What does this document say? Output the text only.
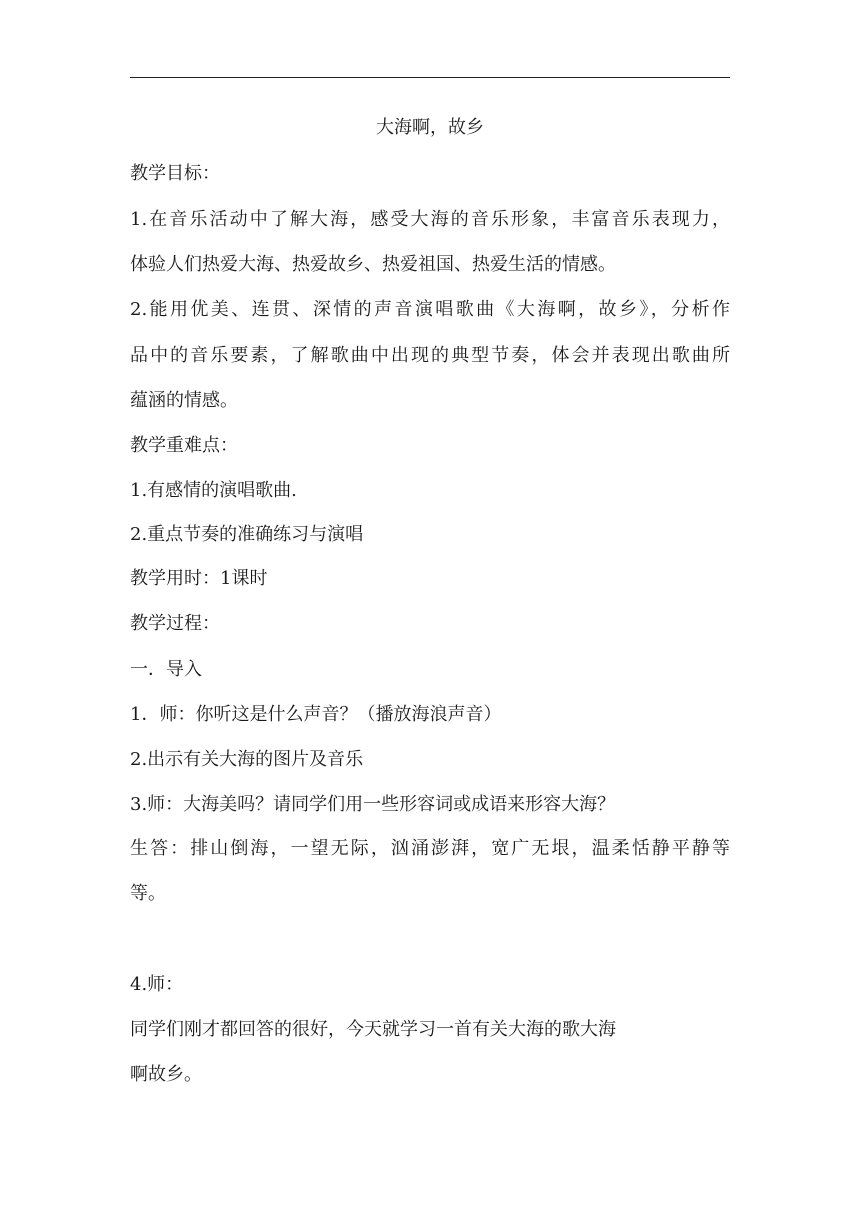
大海啊，故乡
教学目标：
1.在音乐活动中了解大海，感受大海的音乐形象，丰富音乐表现力，
体验人们热爱大海、热爱故乡、热爱祖国、热爱生活的情感。
2.能用优美、连贯、深情的声音演唱歌曲《大海啊，故乡》，分析作
品中的音乐要素，了解歌曲中出现的典型节奏，体会并表现出歌曲所
蕴涵的情感。
教学重难点：
1.有感情的演唱歌曲.
2.重点节奏的准确练习与演唱
教学用时：1课时
教学过程：
一．导入
1．师：你听这是什么声音？（播放海浪声音）
2.出示有关大海的图片及音乐
3.师：大海美吗？请同学们用一些形容词或成语来形容大海？
生答：排山倒海，一望无际，汹涌澎湃，宽广无垠，温柔恬静平静等
等。
4.师：
同学们刚才都回答的很好，今天就学习一首有关大海的歌大海
啊故乡。
